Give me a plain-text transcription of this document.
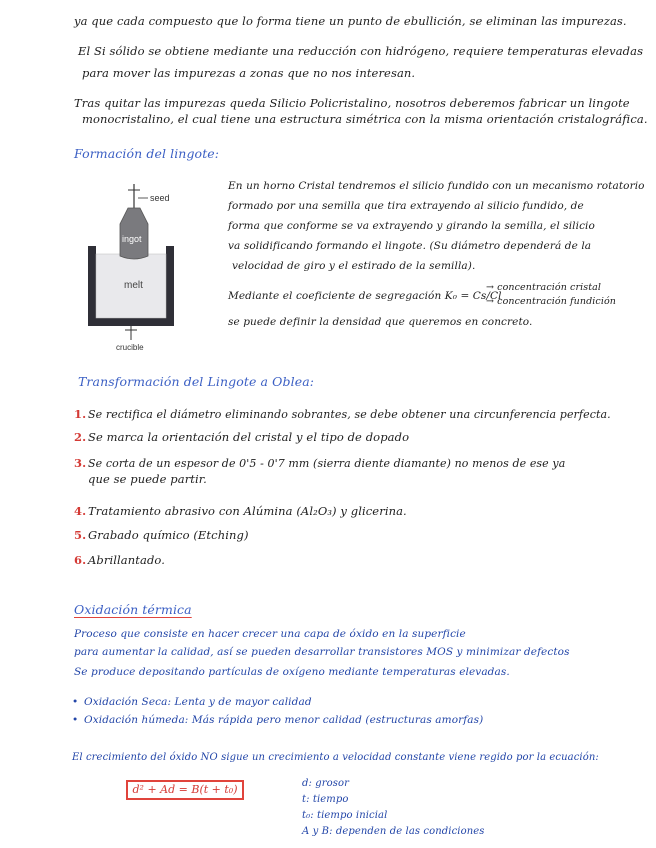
ya que cada compuesto que lo forma tiene un punto de ebullición, se eliminan las impurezas.
El Si sólido se obtiene mediante una reducción con hidrógeno, requiere temperaturas elevadas
para mover las impurezas a zonas que no nos interesan.
Tras quitar las impurezas queda Silicio Policristalino, nosotros deberemos fabricar un lingote
monocristalino, el cual tiene una estructura simétrica con la misma orientación cristalográfica.
Formación del lingote:
seed
melt
ingot
crucible
En un horno Cristal tendremos el silicio fundido con un mecanismo rotatorio
formado por una semilla que tira extrayendo al silicio fundido, de
forma que conforme se va extrayendo y girando la semilla, el silicio
va solidificando formando el lingote. (Su diámetro dependerá de la
velocidad de giro y el estirado de la semilla).
Mediante el coeficiente de segregación K₀ = Cs/Cl
→ concentración cristal
→ concentración fundición
se puede definir la densidad que queremos en concreto.
Transformación del Lingote a Oblea:
1. Se rectifica el diámetro eliminando sobrantes, se debe obtener una circunferencia perfecta.
2. Se marca la orientación del cristal y el tipo de dopado
3. Se corta de un espesor de 0'5 - 0'7 mm (sierra diente diamante) no menos de ese ya
que se puede partir.
4. Tratamiento abrasivo con Alúmina (Al₂O₃) y glicerina.
5. Grabado químico (Etching)
6. Abrillantado.
Oxidación térmica
Proceso que consiste en hacer crecer una capa de óxido en la superficie
para aumentar la calidad, así se pueden desarrollar transistores MOS y minimizar defectos
Se produce depositando partículas de oxígeno mediante temperaturas elevadas.
• Oxidación Seca: Lenta y de mayor calidad
• Oxidación húmeda: Más rápida pero menor calidad (estructuras amorfas)
El crecimiento del óxido NO sigue un crecimiento a velocidad constante viene regido por la ecuación:
d² + Ad = B(t + t₀)	d: grosor
t: tiempo
t₀: tiempo inicial
A y B: dependen de las condiciones
